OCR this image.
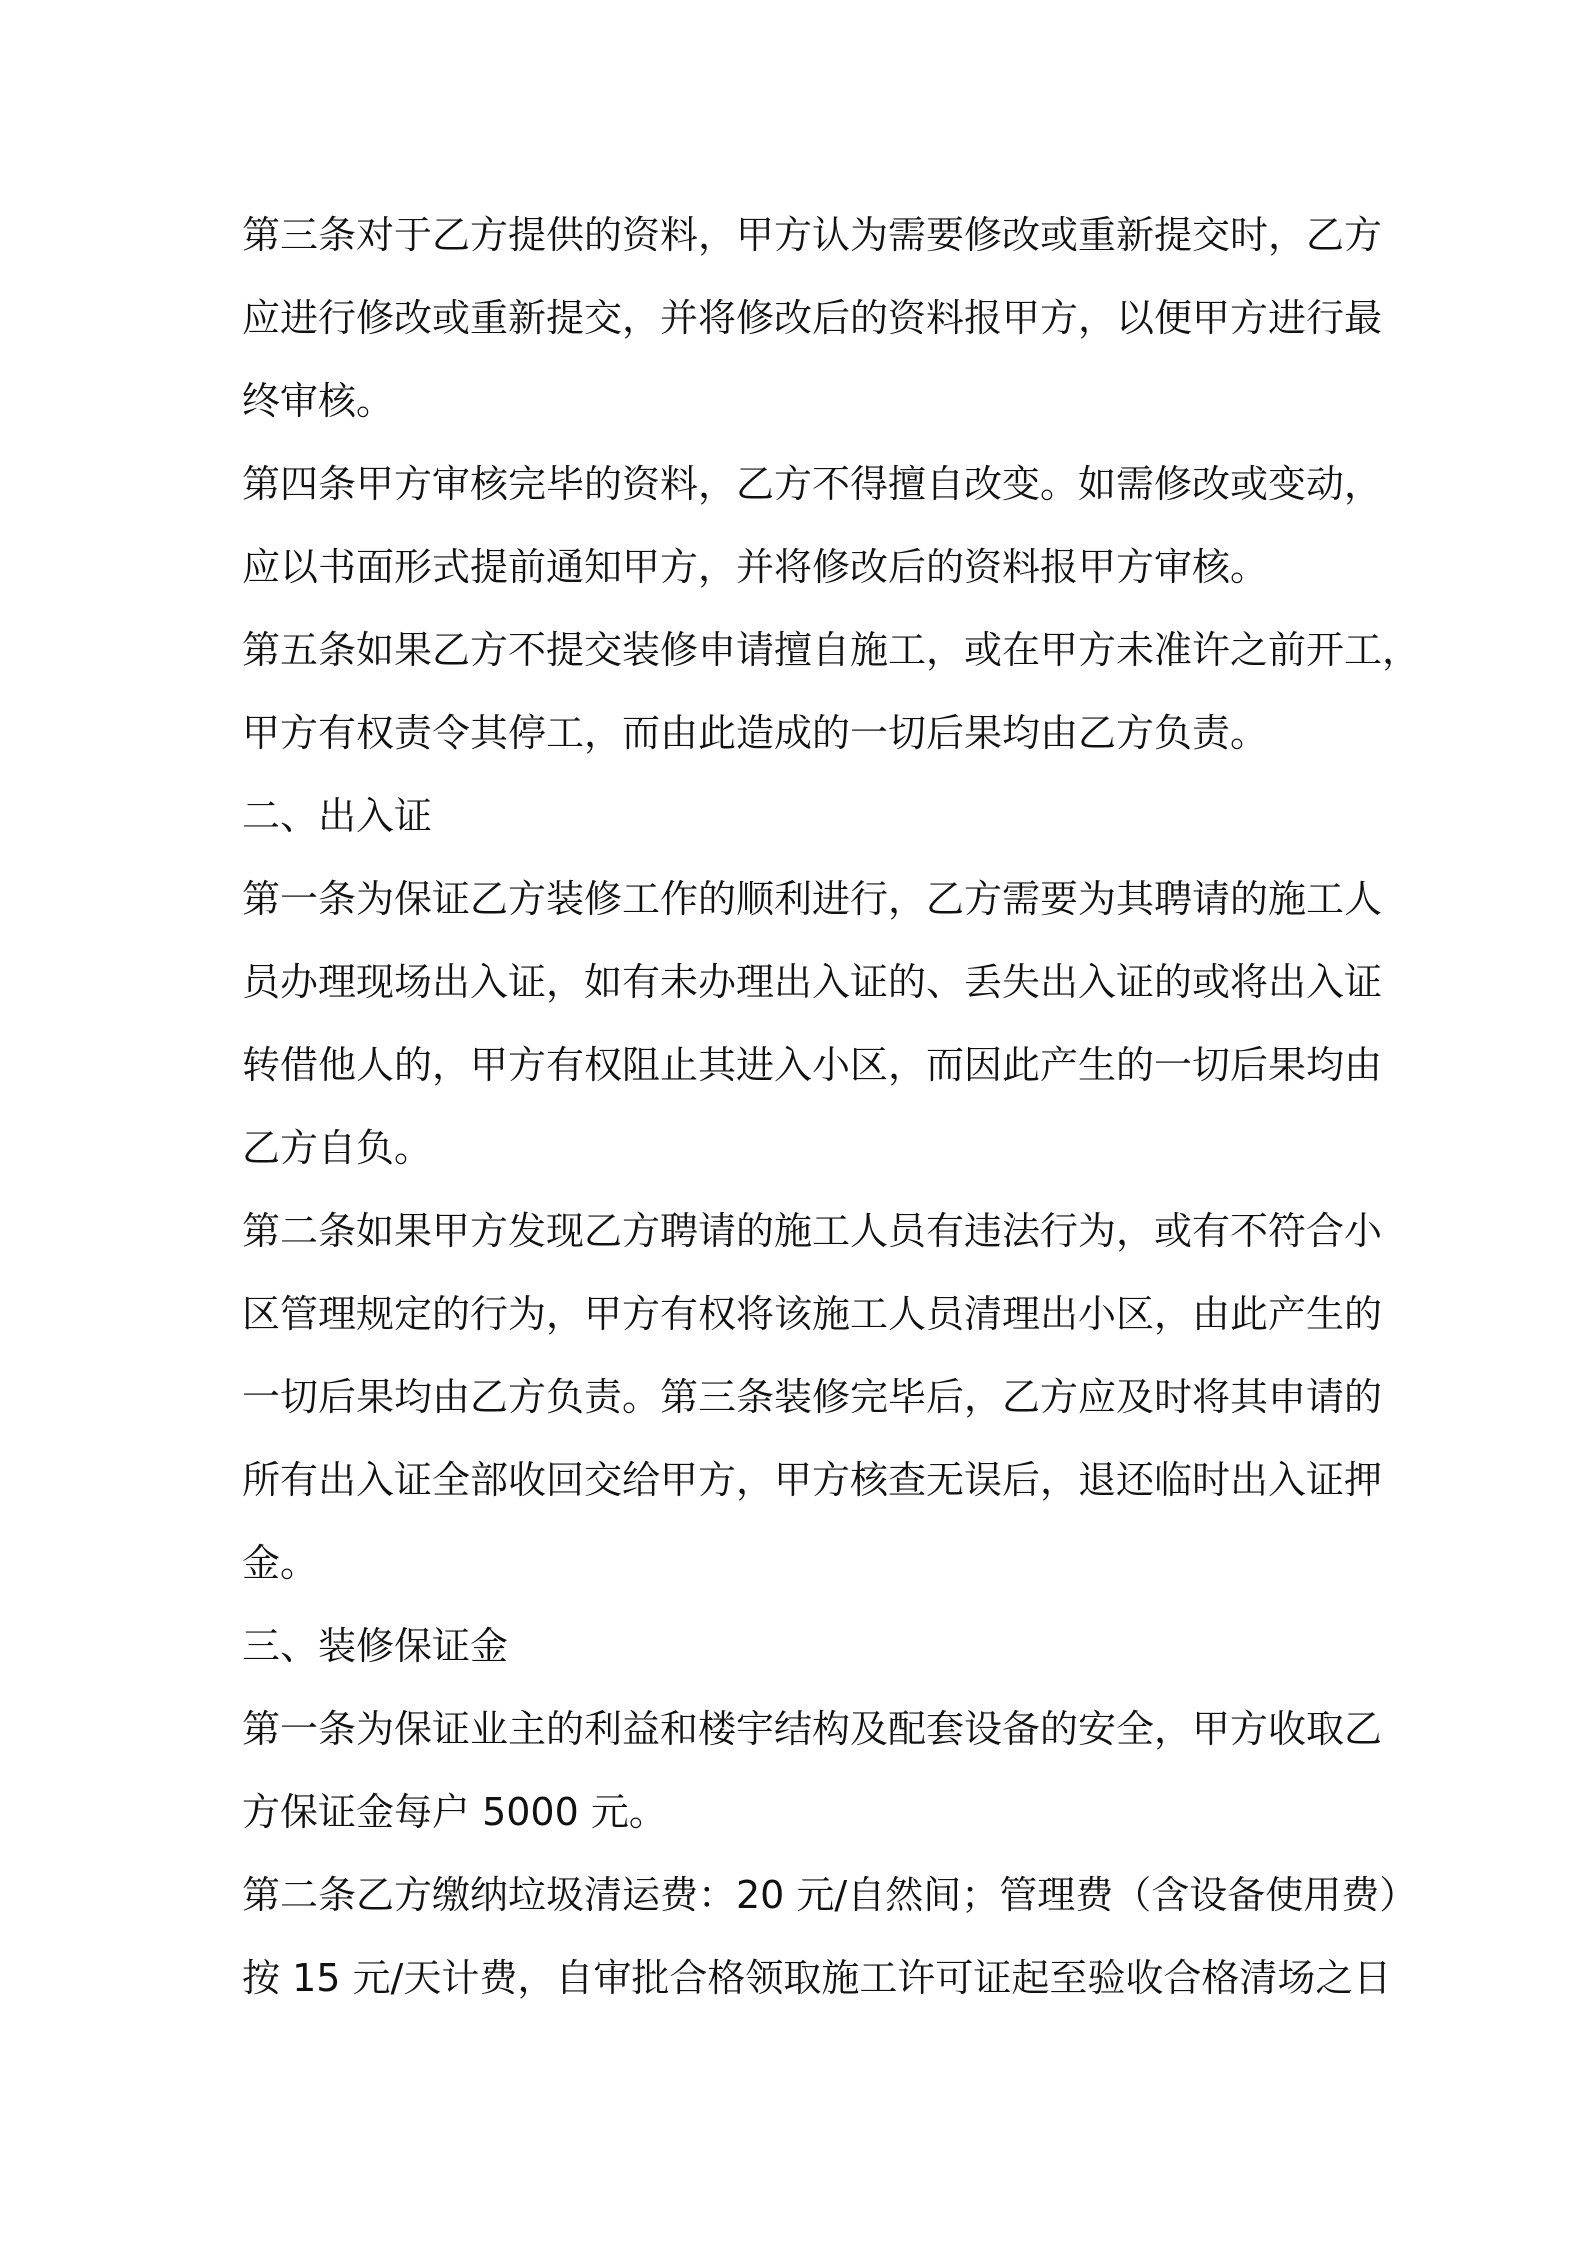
第三条对于乙方提供的资料，甲方认为需要修改或重新提交时，乙方
应进行修改或重新提交，并将修改后的资料报甲方，以便甲方进行最
终审核。
第四条甲方审核完毕的资料，乙方不得擅自改变。如需修改或变动，
应以书面形式提前通知甲方，并将修改后的资料报甲方审核。
第五条如果乙方不提交装修申请擅自施工，或在甲方未准许之前开工，
甲方有权责令其停工，而由此造成的一切后果均由乙方负责。
二、出入证
第一条为保证乙方装修工作的顺利进行，乙方需要为其聘请的施工人
员办理现场出入证，如有未办理出入证的、丢失出入证的或将出入证
转借他人的，甲方有权阻止其进入小区，而因此产生的一切后果均由
乙方自负。
第二条如果甲方发现乙方聘请的施工人员有违法行为，或有不符合小
区管理规定的行为，甲方有权将该施工人员清理出小区，由此产生的
一切后果均由乙方负责。第三条装修完毕后，乙方应及时将其申请的
所有出入证全部收回交给甲方，甲方核查无误后，退还临时出入证押
金。
三、装修保证金
第一条为保证业主的利益和楼宇结构及配套设备的安全，甲方收取乙
方保证金每户 5000 元。
第二条乙方缴纳垃圾清运费：20 元/自然间；管理费（含设备使用费）
按 15 元/天计费，自审批合格领取施工许可证起至验收合格清场之日
